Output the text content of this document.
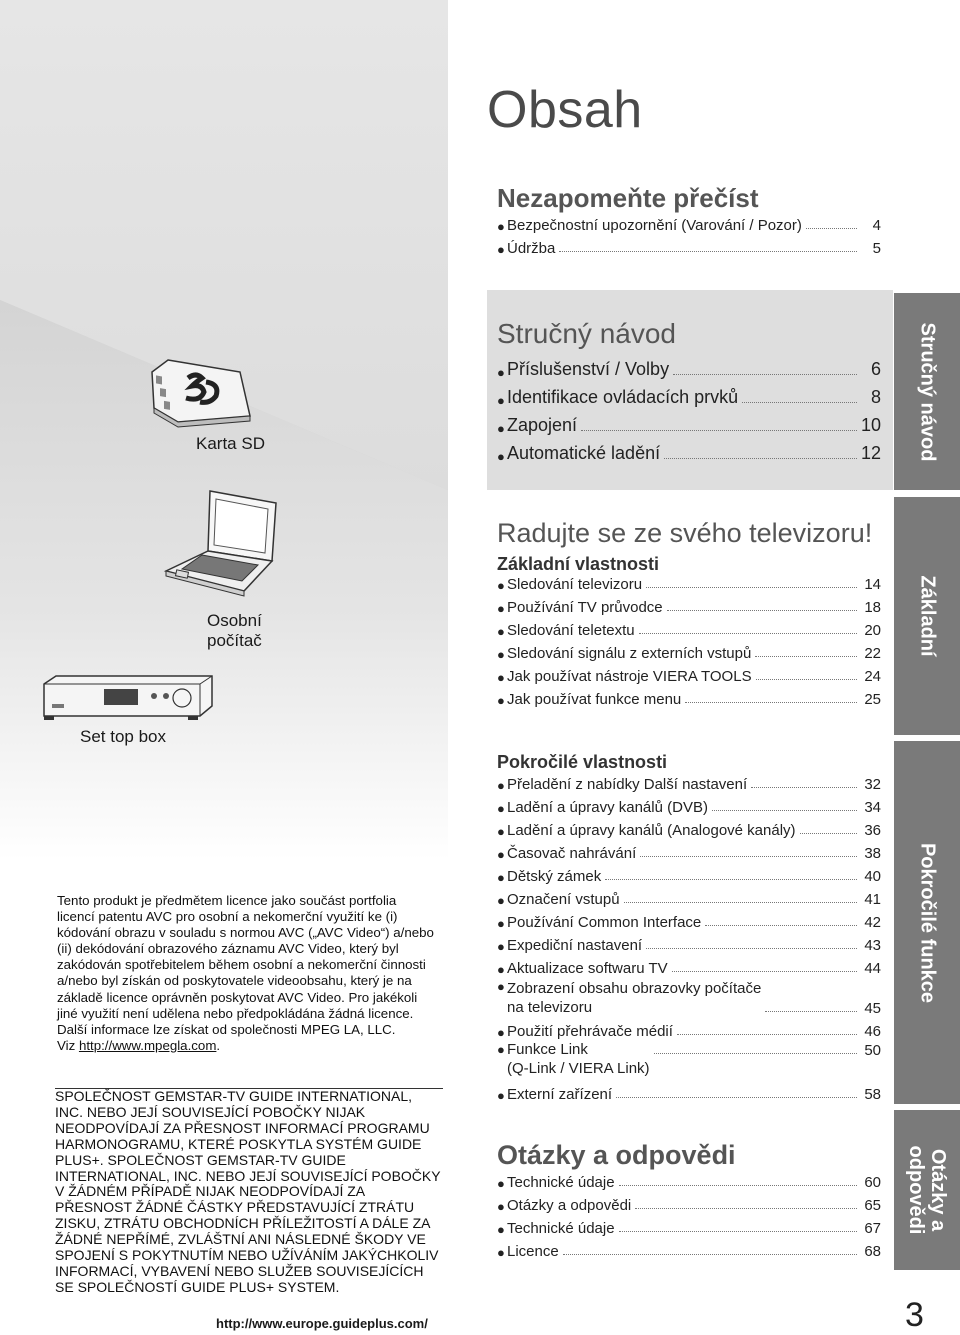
Karta SD
Osobní
počítač
Set top box
Tento produkt je předmětem licence jako součást portfolia licencí patentu AVC pro osobní a nekomerční využití ke (i) kódování obrazu v souladu s normou AVC („AVC Video“) a/nebo (ii) dekódování obrazového záznamu AVC Video, který byl zakódován spotřebitelem během osobní a nekomerční činnosti a/nebo byl získán od poskytovatele videoobsahu, který je na základě licence oprávněn poskytovat AVC Video. Pro jakékoli jiné využití není udělena nebo předpokládána žádná licence.
Další informace lze získat od společnosti MPEG LA, LLC.
Viz http://www.mpegla.com.
SPOLEČNOST GEMSTAR-TV GUIDE INTERNATIONAL, INC. NEBO JEJÍ SOUVISEJÍCÍ POBOČKY NIJAK NEODPOVÍDAJÍ ZA PŘESNOST INFORMACÍ PROGRAMU HARMONOGRAMU, KTERÉ POSKYTLA SYSTÉM GUIDE PLUS+. SPOLEČNOST GEMSTAR-TV GUIDE INTERNATIONAL, INC. NEBO JEJÍ SOUVISEJÍCÍ POBOČKY V ŽÁDNÉM PŘÍPADĚ NIJAK NEODPOVÍDAJÍ ZA PŘESNOST ŽÁDNÉ ČÁSTKY PŘEDSTAVUJÍCÍ ZTRÁTU ZISKU, ZTRÁTU OBCHODNÍCH PŘÍLEŽITOSTÍ A DÁLE ZA ŽÁDNÉ NEPŘÍMÉ, ZVLÁŠTNÍ ANI NÁSLEDNÉ ŠKODY VE SPOJENÍ S POKYTNUTÍM NEBO UŽÍVÁNÍM JAKÝCHKOLIV INFORMACÍ, VYBAVENÍ NEBO SLUŽEB SOUVISEJÍCÍCH SE SPOLEČNOSTÍ GUIDE PLUS+ SYSTEM.
http://www.europe.guideplus.com/
Obsah
Nezapomeňte přečíst
● Bezpečnostní upozornění (Varování / Pozor)	4
● Údržba	5
Stručný návod
● Příslušenství / Volby	6
● Identifikace ovládacích prvků	8
● Zapojení	10
● Automatické ladění	12
Radujte se ze svého televizoru!
Základní vlastnosti
● Sledování televizoru	14
● Používání TV průvodce	18
● Sledování teletextu	20
● Sledování signálu z externích vstupů	22
● Jak používat nástroje VIERA TOOLS	24
● Jak používat funkce menu	25
Pokročilé vlastnosti
● Přeladění z nabídky Další nastavení	32
● Ladění a úpravy kanálů (DVB)	34
● Ladění a úpravy kanálů (Analogové kanály)	36
● Časovač nahrávání	38
● Dětský zámek	40
● Označení vstupů	41
● Používání Common Interface	42
● Expediční nastavení	43
● Aktualizace softwaru TV	44
● Zobrazení obsahu obrazovky počítače
na televizoru	45
● Použití přehrávače médií	46
● Funkce Link
(Q-Link / VIERA Link)
50
● Externí zařízení	58
Otázky a odpovědi
● Technické údaje	60
● Otázky a odpovědi	65
● Technické údaje	67
● Licence	68
Stručný návod
Základní
Pokročilé funkce
Otázky a
odpovědi
3
